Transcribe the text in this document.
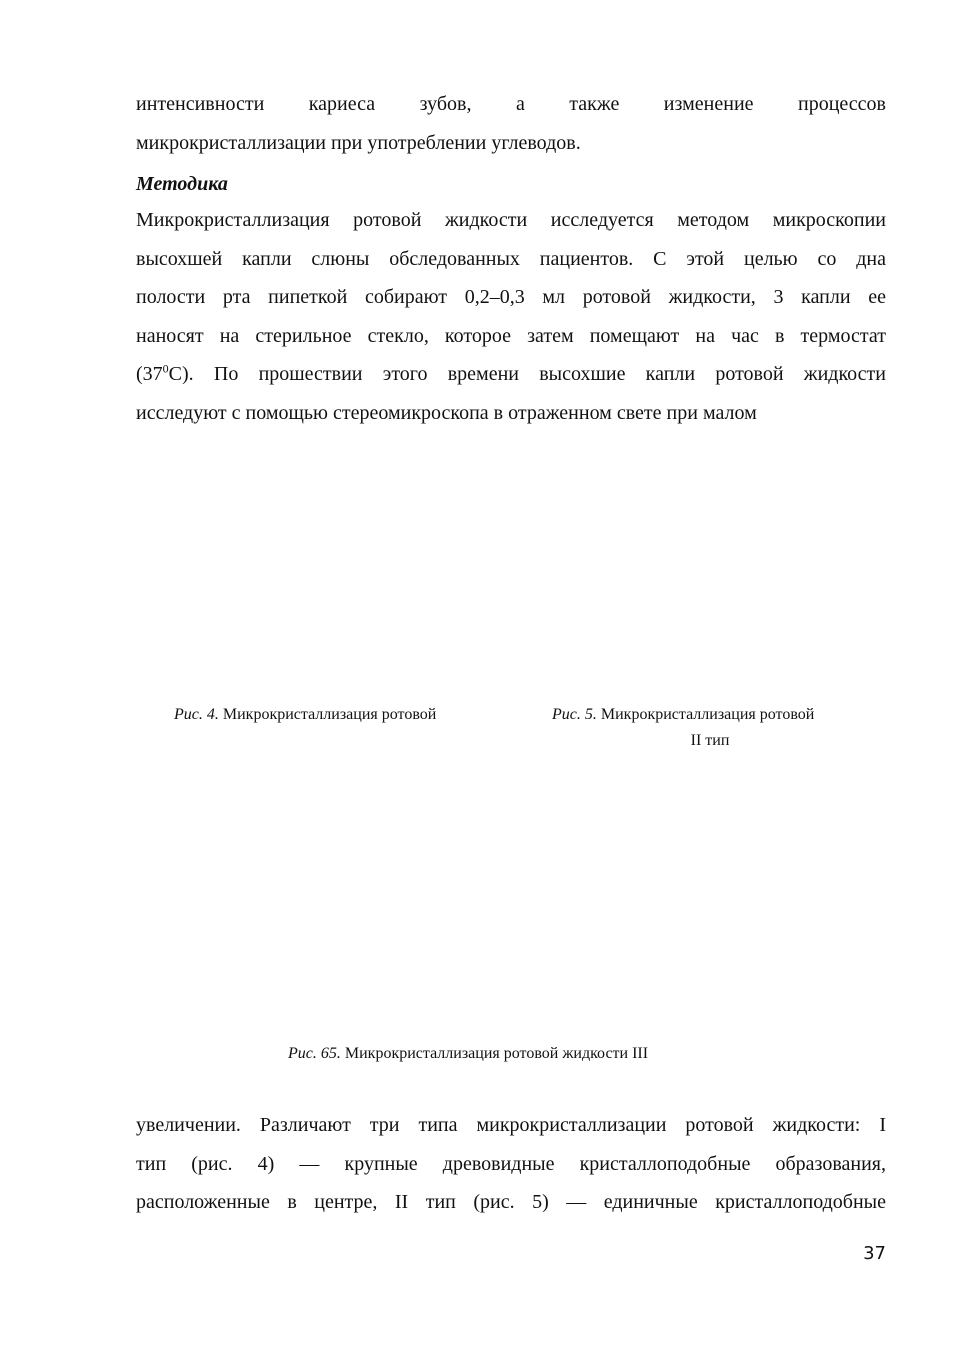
интенсивности кариеса зубов, а также изменение процессов
микрокристаллизации при употреблении углеводов.
Методика
Микрокристаллизация ротовой жидкости исследуется методом микроскопии
высохшей капли слюны обследованных пациентов. С этой целью со дна
полости рта пипеткой собирают 0,2–0,3 мл ротовой жидкости, 3 капли ее
наносят на стерильное стекло, которое затем помещают на час в термостат
$(37^0С)$. По прошествии этого времени высохшие капли ротовой жидкости
исследуют с помощью стереомикроскопа в отраженном свете при малом
Рис. 4. Микрокристаллизация ротовой	Рис. 5. Микрокристаллизация ротовой
II тип
Рис. 65. Микрокристаллизация ротовой жидкости III
увеличении. Различают три типа микрокристаллизации ротовой жидкости: I
тип (рис. 4) — крупные древовидные кристаллоподобные образования,
расположенные в центре, II тип (рис. 5) — единичные кристаллоподобные
37
